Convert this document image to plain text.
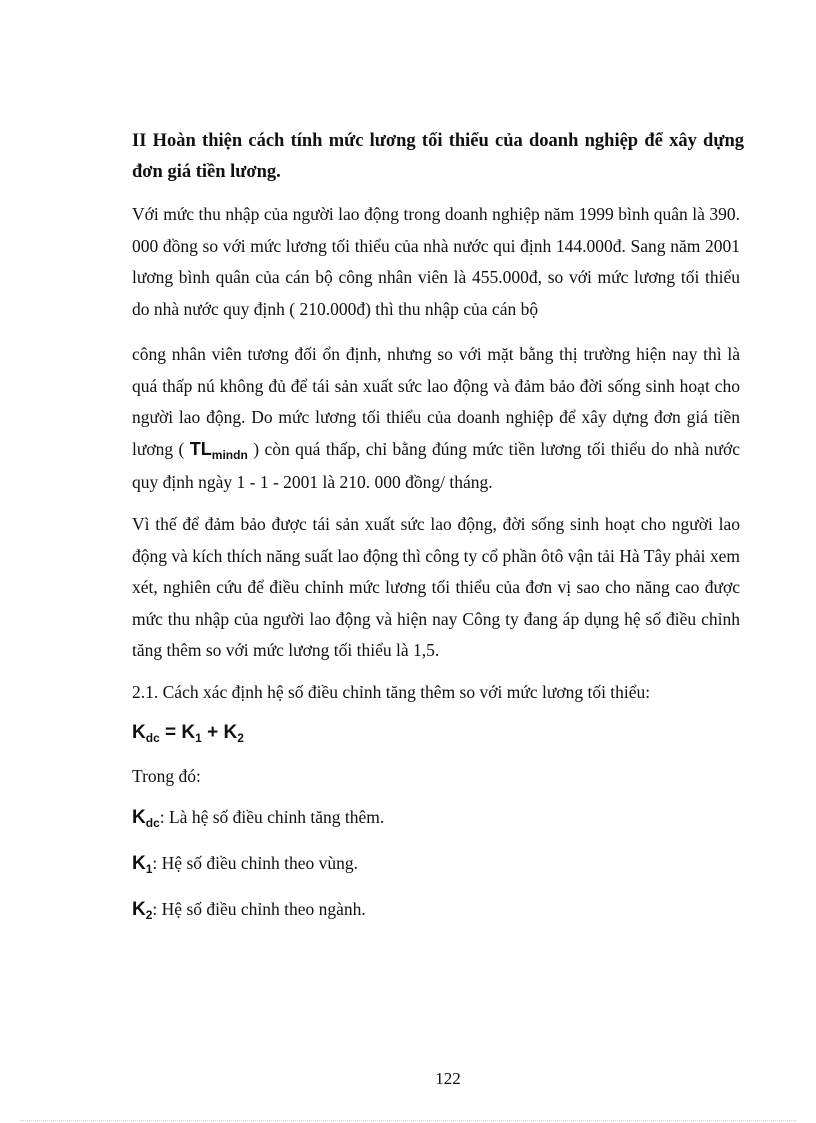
II Hoàn thiện cách tính mức lương tối thiểu của doanh nghiệp để xây dựng đơn giá tiền lương.
Với mức thu nhập của người lao động trong doanh nghiệp năm 1999 bình quân là 390. 000 đồng so với mức lương tối thiểu của nhà nước qui định 144.000đ. Sang năm 2001 lương bình quân của cán bộ công nhân viên là 455.000đ, so với mức lương tối thiểu do nhà nước quy định ( 210.000đ) thì thu nhập của cán bộ
công nhân viên tương đối ổn định, nhưng so với mặt bằng thị trường hiện nay thì là quá thấp nú không đủ để tái sản xuất sức lao động và đảm bảo đời sống sinh hoạt cho người lao động. Do mức lương tối thiểu của doanh nghiệp để xây dựng đơn giá tiền lương ( $TL_{mindn}$ ) còn quá thấp, chỉ bằng đúng mức tiền lương tối thiểu do nhà nước quy định ngày 1 - 1 - 2001 là 210. 000 đồng/ tháng.
Vì thế để đảm bảo được tái sản xuất sức lao động, đời sống sinh hoạt cho người lao động và kích thích năng suất lao động thì công ty cổ phần ôtô vận tải Hà Tây phải xem xét, nghiên cứu để điều chỉnh mức lương tối thiểu của đơn vị sao cho năng cao được mức thu nhập của người lao động và hiện nay Công ty đang áp dụng hệ số điều chỉnh tăng thêm so với mức lương tối thiểu là 1,5.
2.1. Cách xác định hệ số điều chỉnh tăng thêm so với mức lương tối thiểu:
$K_{dc} = K_1 + K_2$
Trong đó:
$K_{dc}$: Là hệ số điều chỉnh tăng thêm.
$K_1$: Hệ số điều chỉnh theo vùng.
$K_2$: Hệ số điều chỉnh theo ngành.
122
